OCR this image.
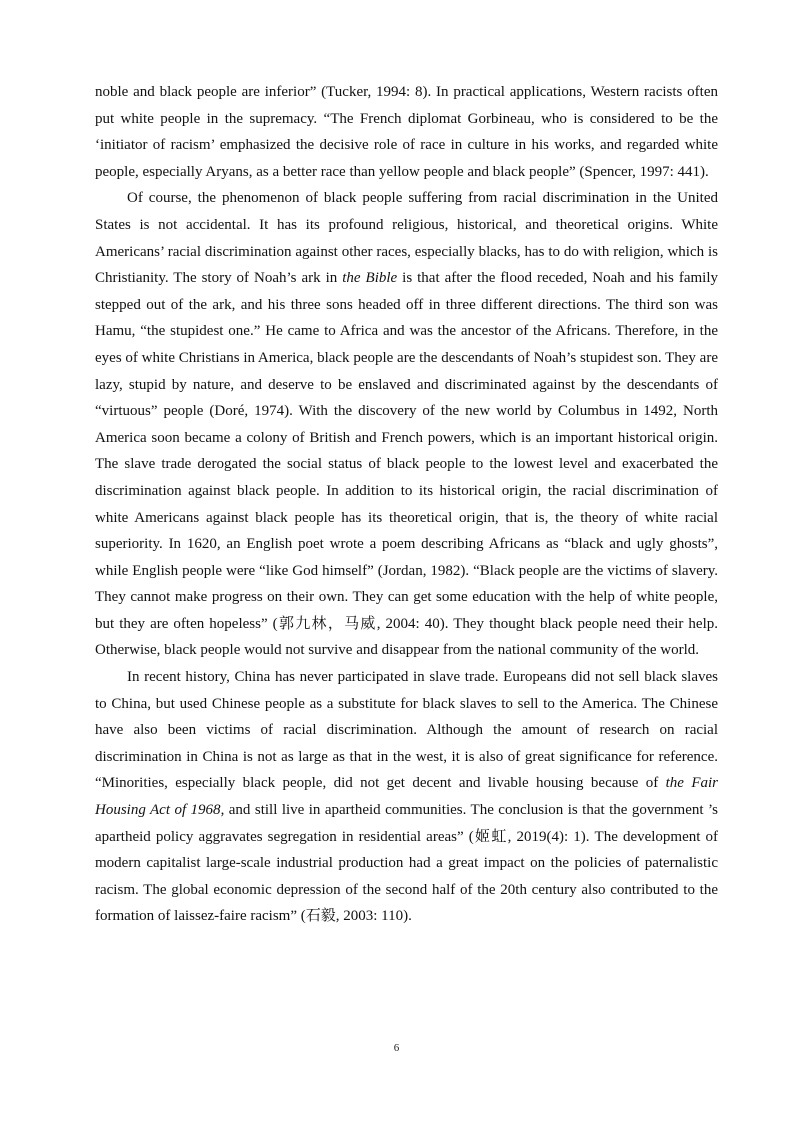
noble and black people are inferior” (Tucker, 1994: 8). In practical applications, Western racists often put white people in the supremacy. “The French diplomat Gorbineau, who is considered to be the ‘initiator of racism’ emphasized the decisive role of race in culture in his works, and regarded white people, especially Aryans, as a better race than yellow people and black people” (Spencer, 1997: 441).

Of course, the phenomenon of black people suffering from racial discrimination in the United States is not accidental. It has its profound religious, historical, and theoretical origins. White Americans’ racial discrimination against other races, especially blacks, has to do with religion, which is Christianity. The story of Noah’s ark in the Bible is that after the flood receded, Noah and his family stepped out of the ark, and his three sons headed off in three different directions. The third son was Hamu, “the stupidest one.” He came to Africa and was the ancestor of the Africans. Therefore, in the eyes of white Christians in America, black people are the descendants of Noah’s stupidest son. They are lazy, stupid by nature, and deserve to be enslaved and discriminated against by the descendants of “virtuous” people (Doré, 1974). With the discovery of the new world by Columbus in 1492, North America soon became a colony of British and French powers, which is an important historical origin. The slave trade derogated the social status of black people to the lowest level and exacerbated the discrimination against black people. In addition to its historical origin, the racial discrimination of white Americans against black people has its theoretical origin, that is, the theory of white racial superiority. In 1620, an English poet wrote a poem describing Africans as “black and ugly ghosts”, while English people were “like God himself” (Jordan, 1982). “Black people are the victims of slavery. They cannot make progress on their own. They can get some education with the help of white people, but they are often hopeless” (郭九林，马威, 2004: 40). They thought black people need their help. Otherwise, black people would not survive and disappear from the national community of the world.

In recent history, China has never participated in slave trade. Europeans did not sell black slaves to China, but used Chinese people as a substitute for black slaves to sell to the America. The Chinese have also been victims of racial discrimination. Although the amount of research on racial discrimination in China is not as large as that in the west, it is also of great significance for reference. “Minorities, especially black people, did not get decent and livable housing because of the Fair Housing Act of 1968, and still live in apartheid communities. The conclusion is that the government ’s apartheid policy aggravates segregation in residential areas” (姬虹, 2019(4): 1). The development of modern capitalist large-scale industrial production had a great impact on the policies of paternalistic racism. The global economic depression of the second half of the 20th century also contributed to the formation of laissez-faire racism” (石毅, 2003: 110).

6
